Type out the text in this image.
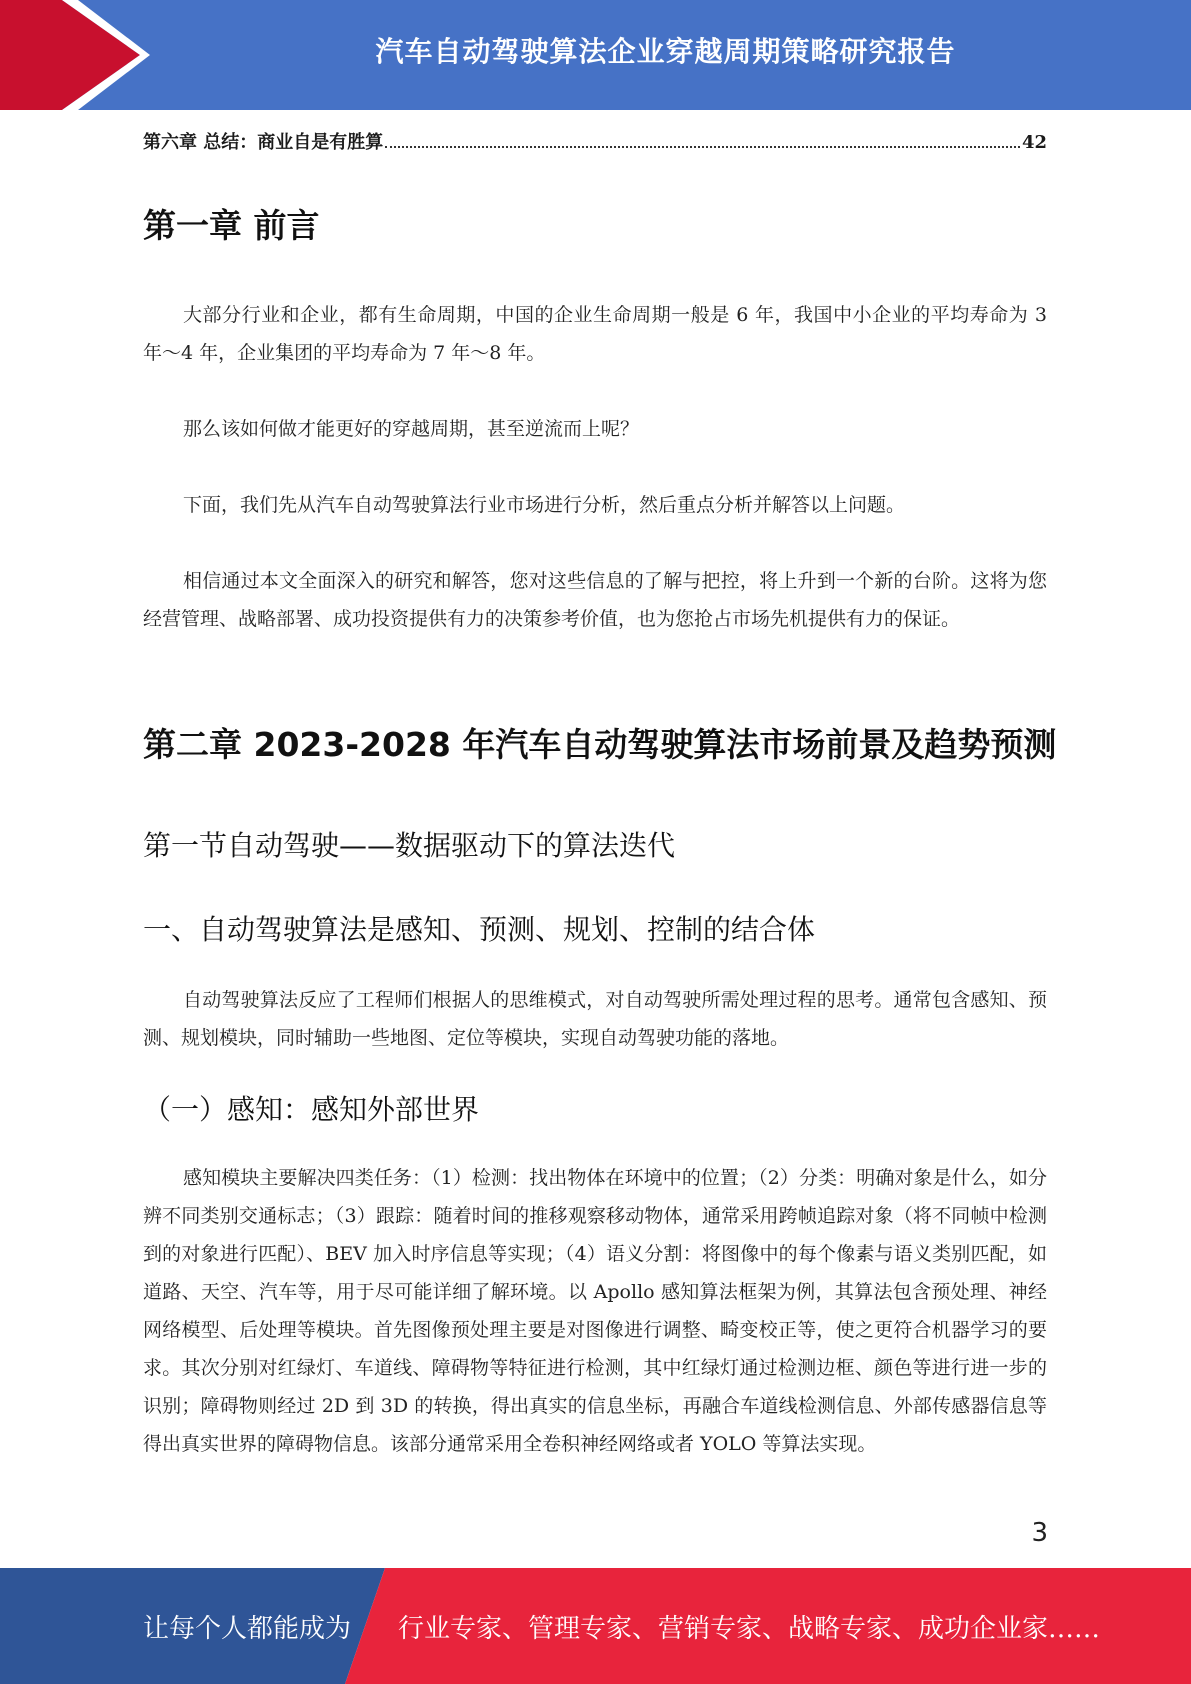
汽车自动驾驶算法企业穿越周期策略研究报告
第六章 总结：商业自是有胜算	42
第一章 前言

大部分行业和企业，都有生命周期，中国的企业生命周期一般是 6 年，我国中小企业的平均寿命为 3 年～4 年，企业集团的平均寿命为 7 年～8 年。

那么该如何做才能更好的穿越周期，甚至逆流而上呢？

下面，我们先从汽车自动驾驶算法行业市场进行分析，然后重点分析并解答以上问题。

相信通过本文全面深入的研究和解答，您对这些信息的了解与把控，将上升到一个新的台阶。这将为您经营管理、战略部署、成功投资提供有力的决策参考价值，也为您抢占市场先机提供有力的保证。

第二章 2023-2028 年汽车自动驾驶算法市场前景及趋势预测
第一节自动驾驶——数据驱动下的算法迭代
一、自动驾驶算法是感知、预测、规划、控制的结合体

自动驾驶算法反应了工程师们根据人的思维模式，对自动驾驶所需处理过程的思考。通常包含感知、预测、规划模块，同时辅助一些地图、定位等模块，实现自动驾驶功能的落地。

（一）感知：感知外部世界

感知模块主要解决四类任务：（1）检测：找出物体在环境中的位置；（2）分类：明确对象是什么，如分辨不同类别交通标志；（3）跟踪：随着时间的推移观察移动物体，通常采用跨帧追踪对象（将不同帧中检测到的对象进行匹配）、BEV 加入时序信息等实现；（4）语义分割：将图像中的每个像素与语义类别匹配，如道路、天空、汽车等，用于尽可能详细了解环境。以 Apollo 感知算法框架为例，其算法包含预处理、神经网络模型、后处理等模块。首先图像预处理主要是对图像进行调整、畸变校正等，使之更符合机器学习的要求。其次分别对红绿灯、车道线、障碍物等特征进行检测，其中红绿灯通过检测边框、颜色等进行进一步的识别；障碍物则经过 2D 到 3D 的转换，得出真实的信息坐标，再融合车道线检测信息、外部传感器信息等得出真实世界的障碍物信息。该部分通常采用全卷积神经网络或者 YOLO 等算法实现。

3
让每个人都能成为 行业专家、管理专家、营销专家、战略专家、成功企业家……
